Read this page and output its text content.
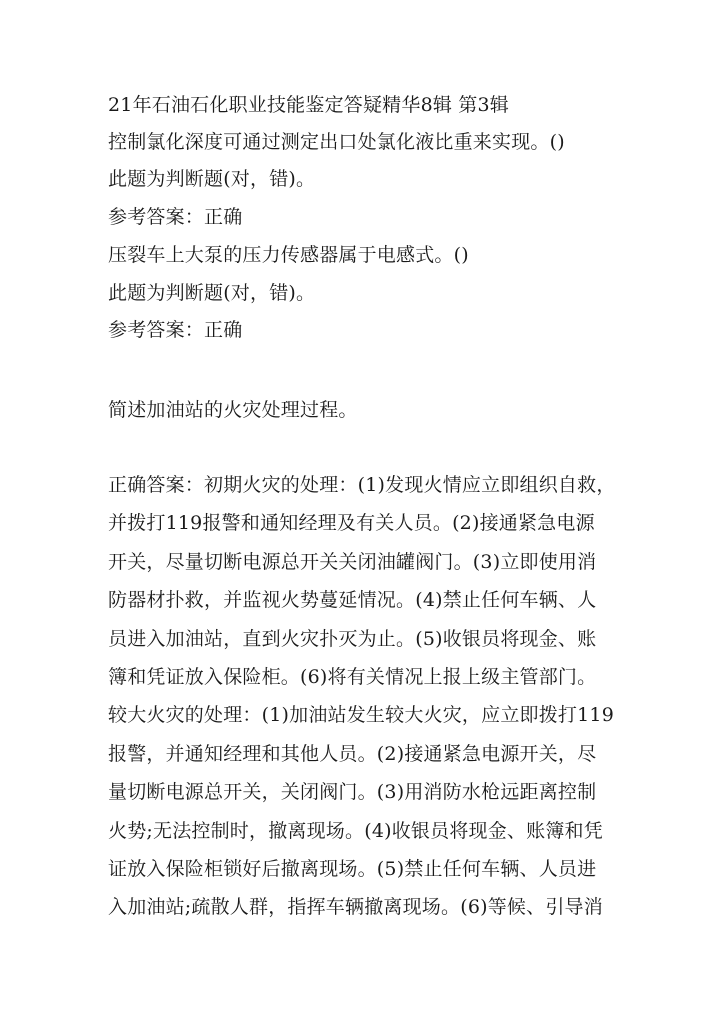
21年石油石化职业技能鉴定答疑精华8辑 第3辑
控制氯化深度可通过测定出口处氯化液比重来实现。()
此题为判断题(对，错)。
参考答案：正确
压裂车上大泵的压力传感器属于电感式。()
此题为判断题(对，错)。
参考答案：正确
简述加油站的火灾处理过程。
正确答案：初期火灾的处理：(1)发现火情应立即组织自救，
并拨打119报警和通知经理及有关人员。(2)接通紧急电源
开关，尽量切断电源总开关关闭油罐阀门。(3)立即使用消
防器材扑救，并监视火势蔓延情况。(4)禁止任何车辆、人
员进入加油站，直到火灾扑灭为止。(5)收银员将现金、账
簿和凭证放入保险柜。(6)将有关情况上报上级主管部门。
较大火灾的处理：(1)加油站发生较大火灾，应立即拨打119
报警，并通知经理和其他人员。(2)接通紧急电源开关，尽
量切断电源总开关，关闭阀门。(3)用消防水枪远距离控制
火势;无法控制时，撤离现场。(4)收银员将现金、账簿和凭
证放入保险柜锁好后撤离现场。(5)禁止任何车辆、人员进
入加油站;疏散人群，指挥车辆撤离现场。(6)等候、引导消
